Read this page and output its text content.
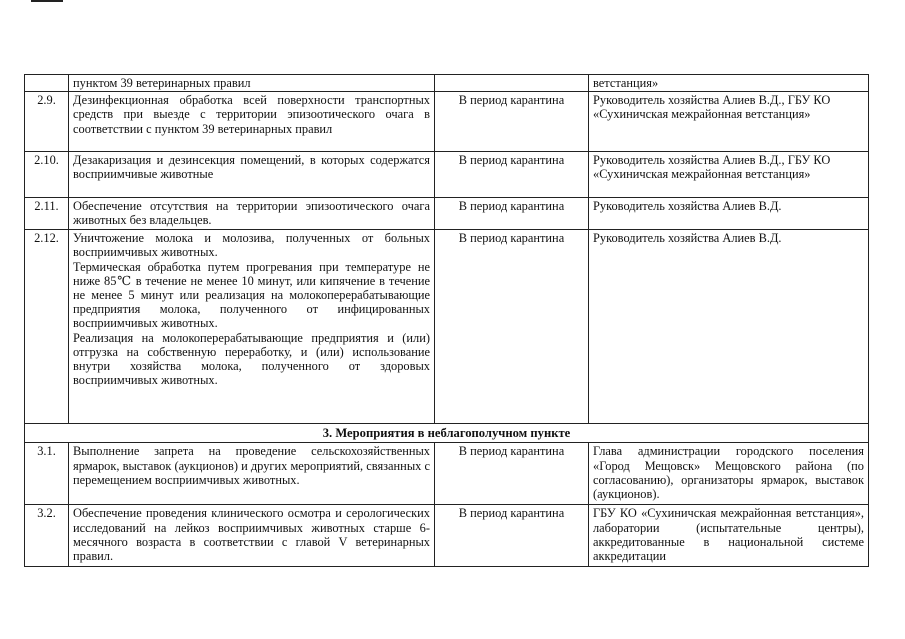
	пунктом 39 ветеринарных правил		ветстанция»

2.9.	Дезинфекционная обработка всей поверхности транспортных средств при выезде с территории эпизоотического очага в соответствии с пунктом 39 ветеринарных правил	В период карантина	Руководитель хозяйства Алиев В.Д., ГБУ КО «Сухиничская межрайонная ветстанция»

2.10.	Дезакаризация и дезинсекция помещений, в которых содержатся восприимчивые животные	В период карантина	Руководитель хозяйства Алиев В.Д., ГБУ КО «Сухиничская межрайонная ветстанция»

2.11.	Обеспечение отсутствия на территории эпизоотического очага животных без владельцев.	В период карантина	Руководитель хозяйства Алиев В.Д.

2.12.	Уничтожение молока и молозива, полученных от больных восприимчивых животных.
Термическая обработка путем прогревания при температуре не ниже 85℃ в течение не менее 10 минут, или кипячение в течение не менее 5 минут или реализация на молокоперерабатывающие предприятия молока, полученного от инфицированных восприимчивых животных.
Реализация на молокоперерабатывающие предприятия и (или) отгрузка на собственную переработку, и (или) использование внутри хозяйства молока, полученного от здоровых восприимчивых животных.	В период карантина	Руководитель хозяйства Алиев В.Д.

3. Мероприятия в неблагополучном пункте			
3.1.	Выполнение запрета на проведение сельскохозяйственных ярмарок, выставок (аукционов) и других мероприятий, связанных с перемещением восприимчивых животных.	В период карантина	Глава администрации городского поселения «Город Мещовск» Мещовского района (по согласованию), организаторы ярмарок, выставок (аукционов).

3.2.	Обеспечение проведения клинического осмотра и серологических исследований на лейкоз восприимчивых животных старше 6-месячного возраста в соответствии с главой V ветеринарных правил.	В период карантина	ГБУ КО «Сухиничская межрайонная ветстанция», лаборатории (испытательные центры), аккредитованные в национальной системе аккредитации
